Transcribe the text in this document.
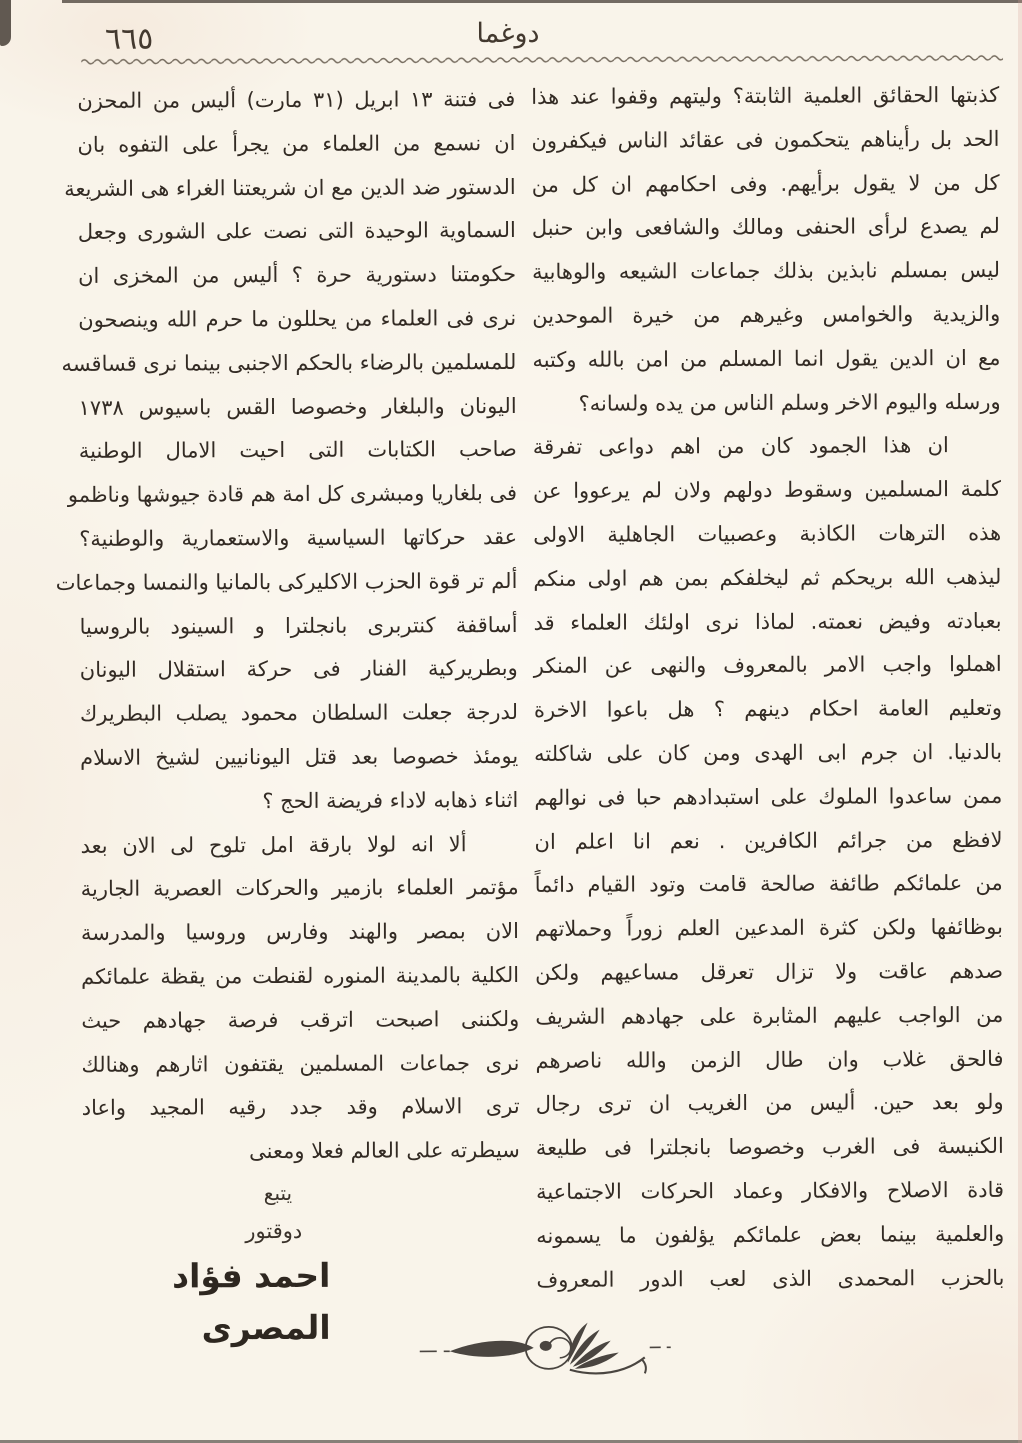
٦٦٥	دوغما
كذبتها الحقائق العلمية الثابتة؟ وليتهم وقفوا عند هذا
الحد بل رأيناهم يتحكمون فى عقائد الناس فيكفرون
كل من لا يقول برأيهم. وفى احكامهم ان كل من
لم يصدع لرأى الحنفى ومالك والشافعى وابن حنبل
ليس بمسلم نابذين بذلك جماعات الشيعه والوهابية
والزيدية والخوامس وغيرهم من خيرة الموحدين
مع ان الدين يقول انما المسلم من امن بالله وكتبه
ورسله واليوم الاخر وسلم الناس من يده ولسانه؟
ان هذا الجمود كان من اهم دواعى تفرقة
كلمة المسلمين وسقوط دولهم ولان لم يرعووا عن
هذه الترهات الكاذبة وعصبيات الجاهلية الاولى
ليذهب الله بريحكم ثم ليخلفكم بمن هم اولى منكم
بعبادته وفيض نعمته. لماذا نرى اولئك العلماء قد
اهملوا واجب الامر بالمعروف والنهى عن المنكر
وتعليم العامة احكام دينهم ؟ هل باعوا الاخرة
بالدنيا. ان جرم ابى الهدى ومن كان على شاكلته
ممن ساعدوا الملوك على استبدادهم حبا فى نوالهم
لافظع من جرائم الكافرين . نعم انا اعلم ان
من علمائكم طائفة صالحة قامت وتود القيام دائماً
بوظائفها ولكن كثرة المدعين العلم زوراً وحملاتهم
صدهم عاقت ولا تزال تعرقل مساعيهم ولكن
من الواجب عليهم المثابرة على جهادهم الشريف
فالحق غلاب وان طال الزمن والله ناصرهم
ولو بعد حين. أليس من الغريب ان ترى رجال
الكنيسة فى الغرب وخصوصا بانجلترا فى طليعة
قادة الاصلاح والافكار وعماد الحركات الاجتماعية
والعلمية بينما بعض علمائكم يؤلفون ما يسمونه
بالحزب المحمدى الذى لعب الدور المعروف
فى فتنة ١٣ ابريل (٣١ مارت) أليس من المحزن
ان نسمع من العلماء من يجرأ على التفوه بان
الدستور ضد الدين مع ان شريعتنا الغراء هى الشريعة
السماوية الوحيدة التى نصت على الشورى وجعل
حكومتنا دستورية حرة ؟ أليس من المخزى ان
نرى فى العلماء من يحللون ما حرم الله وينصحون
للمسلمين بالرضاء بالحكم الاجنبى بينما نرى قساقسه
اليونان والبلغار وخصوصا القس باسيوس ١٧٣٨
صاحب الكتابات التى احيت الامال الوطنية
فى بلغاريا ومبشرى كل امة هم قادة جيوشها وناظمو
عقد حركاتها السياسية والاستعمارية والوطنية؟
ألم تر قوة الحزب الاكليركى بالمانيا والنمسا وجماعات
أساقفة كنتربرى بانجلترا و السينود بالروسيا
وبطريركية الفنار فى حركة استقلال اليونان
لدرجة جعلت السلطان محمود يصلب البطريرك
يومئذ خصوصا بعد قتل اليونانيين لشيخ الاسلام
اثناء ذهابه لاداء فريضة الحج ؟
ألا انه لولا بارقة امل تلوح لى الان بعد
مؤتمر العلماء بازمير والحركات العصرية الجارية
الان بمصر والهند وفارس وروسيا والمدرسة
الكلية بالمدينة المنوره لقنطت من يقظة علمائكم
ولكننى اصبحت اترقب فرصة جهادهم حيث
نرى جماعات المسلمين يقتفون اثارهم وهنالك
ترى الاسلام وقد جدد رقيه المجيد واعاد
سيطرته على العالم فعلا ومعنى
يتبع
دوقتور
احمد فؤاد المصرى
